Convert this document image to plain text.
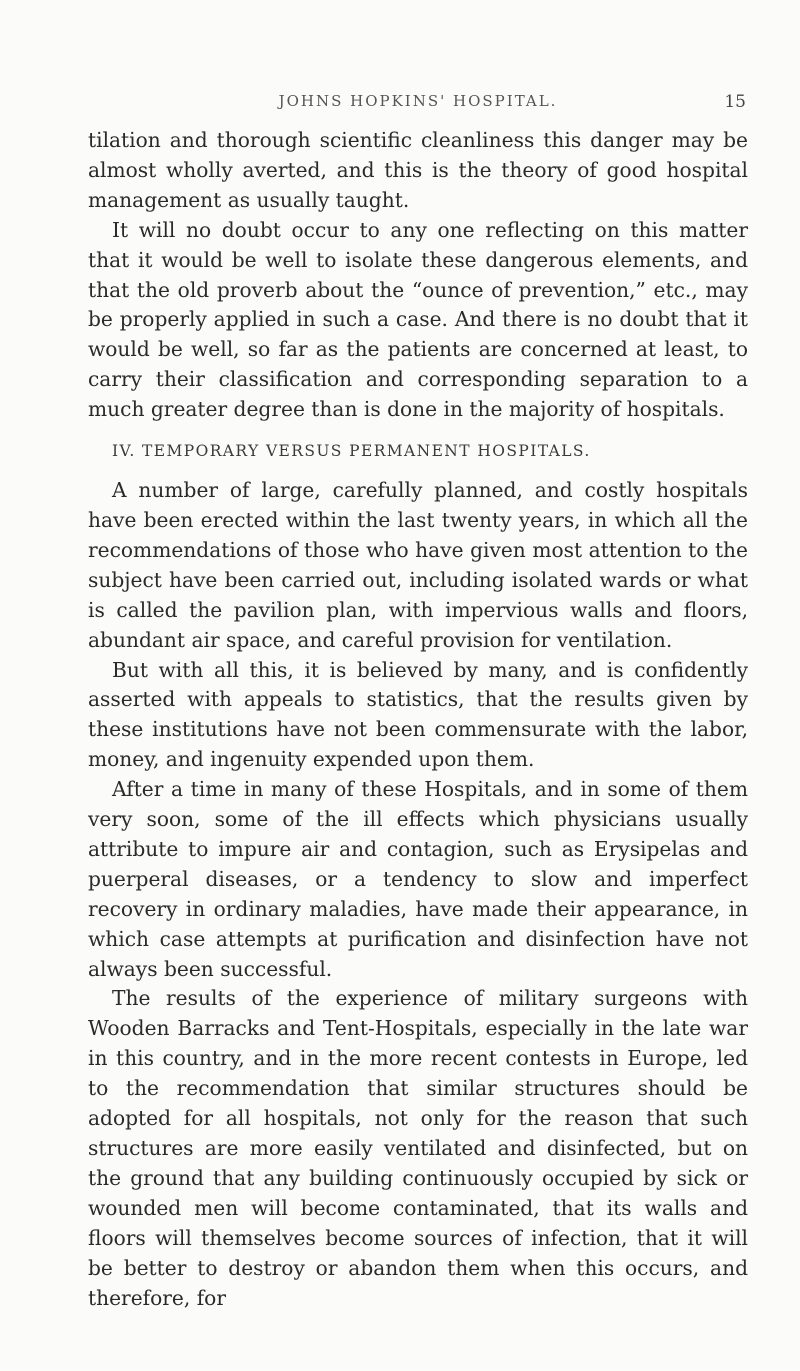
JOHNS HOPKINS' HOSPITAL.	15

tilation and thorough scientific cleanliness this danger may be almost wholly averted, and this is the theory of good hospital management as usually taught.

It will no doubt occur to any one reflecting on this matter that it would be well to isolate these dangerous elements, and that the old proverb about the “ounce of prevention,” etc., may be properly applied in such a case. And there is no doubt that it would be well, so far as the patients are concerned at least, to carry their classification and corresponding separation to a much greater degree than is done in the majority of hospitals.

IV. TEMPORARY VERSUS PERMANENT HOSPITALS.

A number of large, carefully planned, and costly hospitals have been erected within the last twenty years, in which all the recommendations of those who have given most attention to the subject have been carried out, including isolated wards or what is called the pavilion plan, with impervious walls and floors, abundant air space, and careful provision for ventilation.

But with all this, it is believed by many, and is confidently asserted with appeals to statistics, that the results given by these institutions have not been commensurate with the labor, money, and ingenuity expended upon them.

After a time in many of these Hospitals, and in some of them very soon, some of the ill effects which physicians usually attribute to impure air and contagion, such as Erysipelas and puerperal diseases, or a tendency to slow and imperfect recovery in ordinary maladies, have made their appearance, in which case attempts at purification and disinfection have not always been successful.

The results of the experience of military surgeons with Wooden Barracks and Tent-Hospitals, especially in the late war in this country, and in the more recent contests in Europe, led to the recommendation that similar structures should be adopted for all hospitals, not only for the reason that such structures are more easily ventilated and disinfected, but on the ground that any building continuously occupied by sick or wounded men will become contaminated, that its walls and floors will themselves become sources of infection, that it will be better to destroy or abandon them when this occurs, and therefore, for
